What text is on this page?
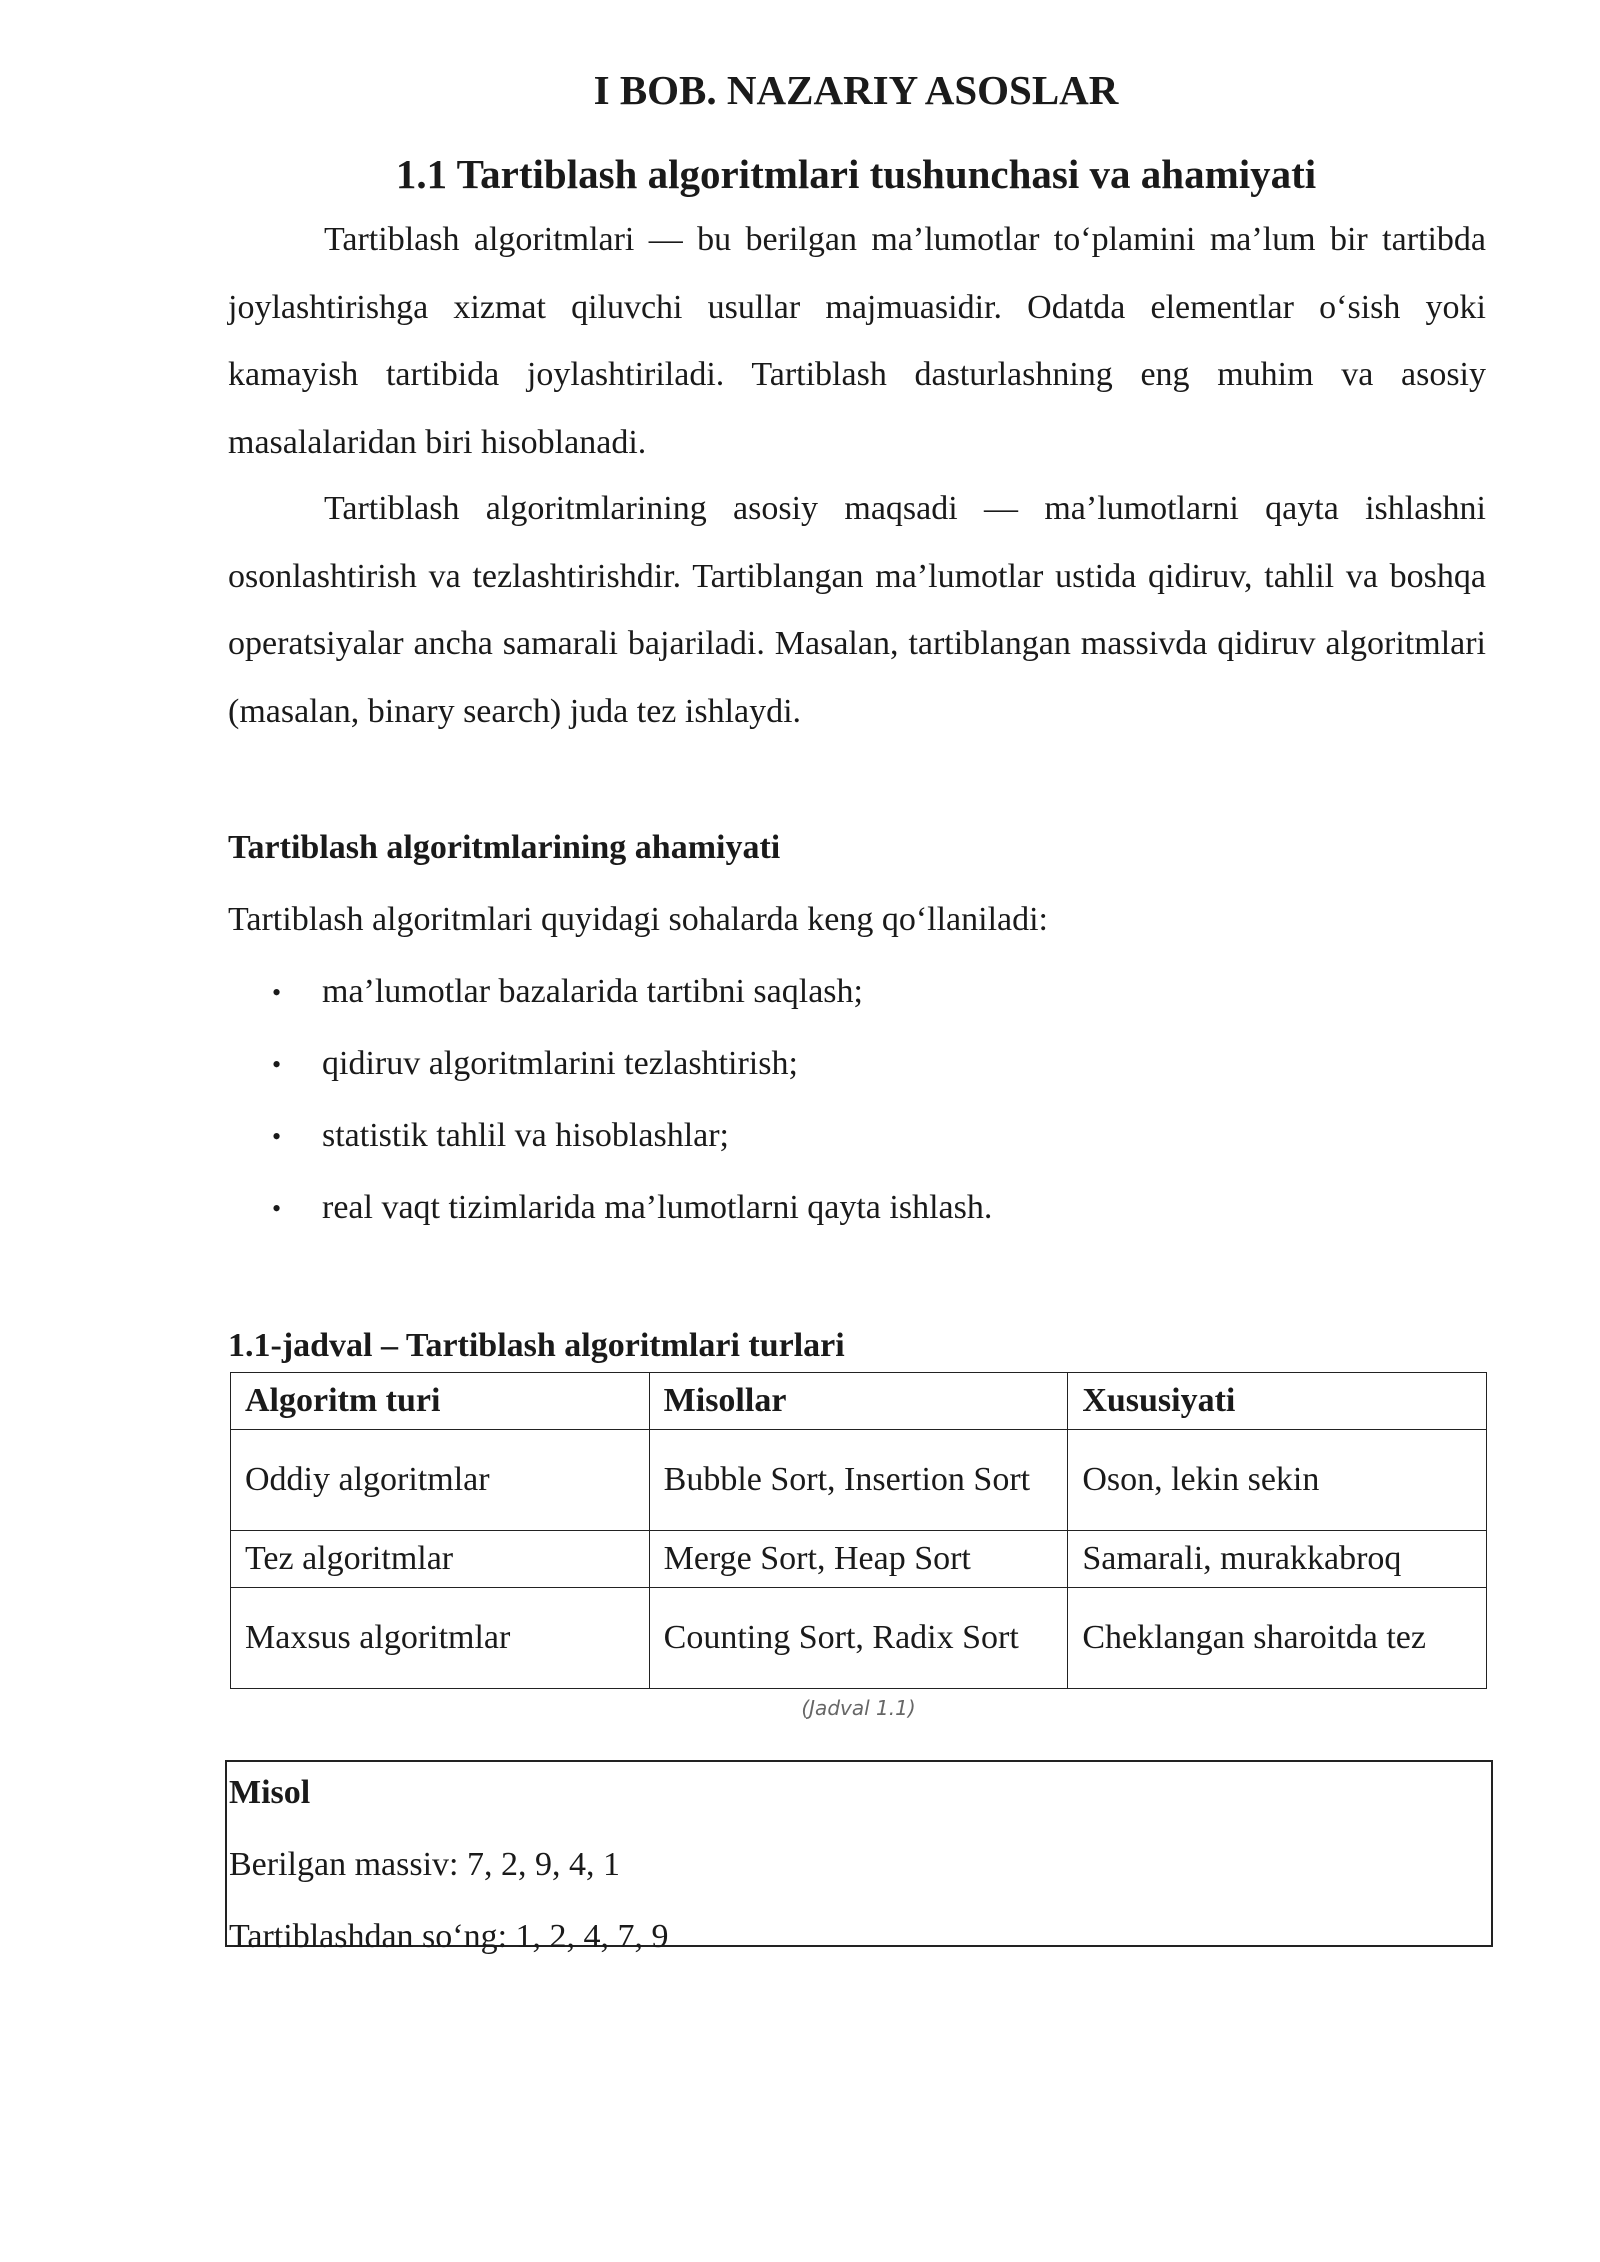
I BOB. NAZARIY ASOSLAR
1.1 Tartiblash algoritmlari tushunchasi va ahamiyati

Tartiblash algoritmlari — bu berilgan ma’lumotlar to‘plamini ma’lum bir tartibda joylashtirishga xizmat qiluvchi usullar majmuasidir. Odatda elementlar o‘sish yoki kamayish tartibida joylashtiriladi. Tartiblash dasturlashning eng muhim va asosiy masalalaridan biri hisoblanadi.

Tartiblash algoritmlarining asosiy maqsadi — ma’lumotlarni qayta ishlashni osonlashtirish va tezlashtirishdir. Tartiblangan ma’lumotlar ustida qidiruv, tahlil va boshqa operatsiyalar ancha samarali bajariladi. Masalan, tartiblangan massivda qidiruv algoritmlari (masalan, binary search) juda tez ishlaydi.

Tartiblash algoritmlarining ahamiyati

Tartiblash algoritmlari quyidagi sohalarda keng qo‘llaniladi:

• ma’lumotlar bazalarida tartibni saqlash;
• qidiruv algoritmlarini tezlashtirish;
• statistik tahlil va hisoblashlar;
• real vaqt tizimlarida ma’lumotlarni qayta ishlash.

1.1-jadval – Tartiblash algoritmlari turlari

Algoritm turi	Misollar	Xususiyati
Oddiy algoritmlar	Bubble Sort, Insertion Sort	Oson, lekin sekin
Tez algoritmlar	Merge Sort, Heap Sort	Samarali, murakkabroq
Maxsus algoritmlar	Counting Sort, Radix Sort	Cheklangan sharoitda tez

(Jadval 1.1)

Misol

Berilgan massiv: 7, 2, 9, 4, 1

Tartiblashdan so‘ng: 1, 2, 4, 7, 9
